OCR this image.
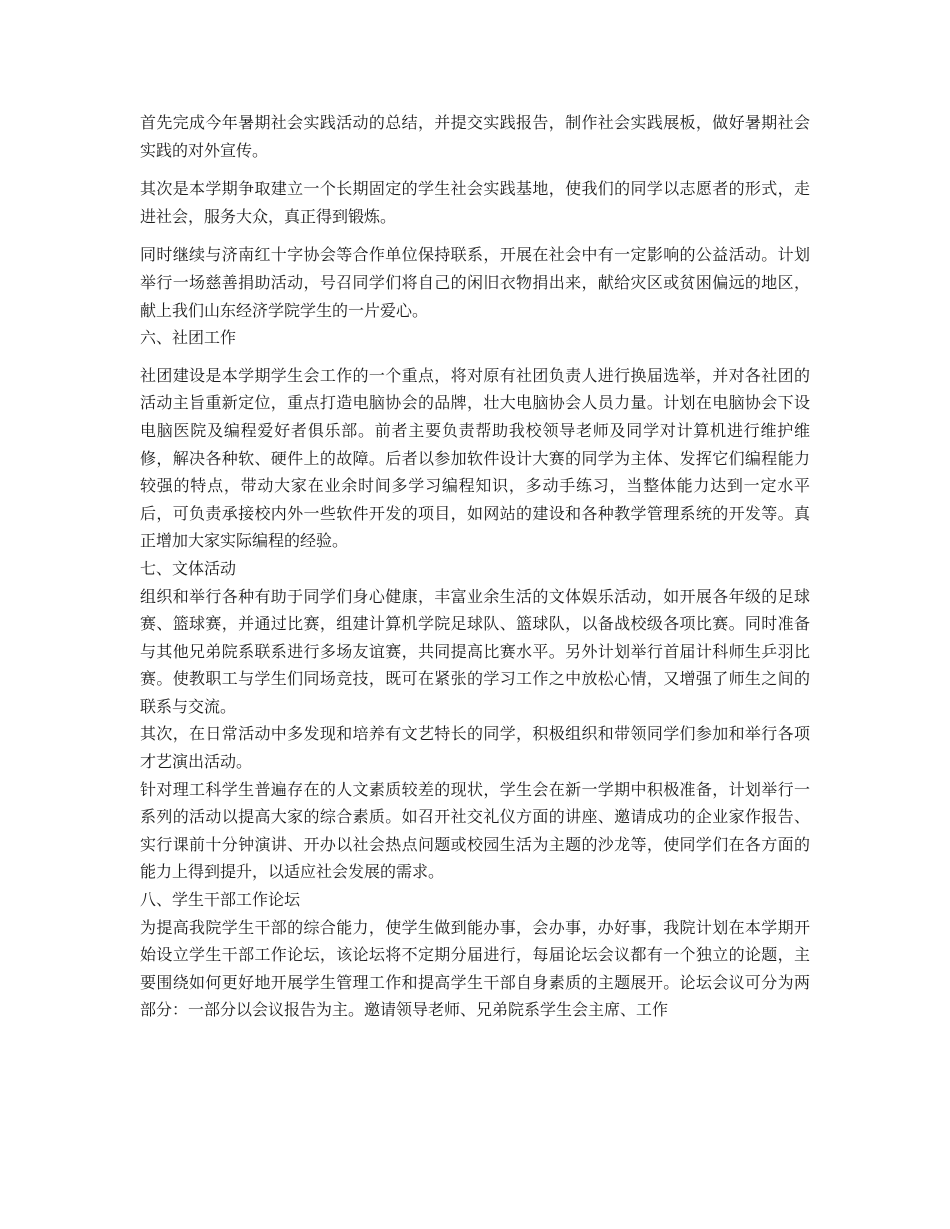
首先完成今年暑期社会实践活动的总结，并提交实践报告，制作社会实践展板，做好暑期社会实践的对外宣传。

其次是本学期争取建立一个长期固定的学生社会实践基地，使我们的同学以志愿者的形式，走进社会，服务大众，真正得到锻炼。

同时继续与济南红十字协会等合作单位保持联系，开展在社会中有一定影响的公益活动。计划举行一场慈善捐助活动，号召同学们将自己的闲旧衣物捐出来，献给灾区或贫困偏远的地区，献上我们山东经济学院学生的一片爱心。

六、社团工作

社团建设是本学期学生会工作的一个重点，将对原有社团负责人进行换届选举，并对各社团的活动主旨重新定位，重点打造电脑协会的品牌，壮大电脑协会人员力量。计划在电脑协会下设电脑医院及编程爱好者俱乐部。前者主要负责帮助我校领导老师及同学对计算机进行维护维修，解决各种软、硬件上的故障。后者以参加软件设计大赛的同学为主体、发挥它们编程能力较强的特点，带动大家在业余时间多学习编程知识，多动手练习，当整体能力达到一定水平后，可负责承接校内外一些软件开发的项目，如网站的建设和各种教学管理系统的开发等。真正增加大家实际编程的经验。

七、文体活动

组织和举行各种有助于同学们身心健康，丰富业余生活的文体娱乐活动，如开展各年级的足球赛、篮球赛，并通过比赛，组建计算机学院足球队、篮球队，以备战校级各项比赛。同时准备与其他兄弟院系联系进行多场友谊赛，共同提高比赛水平。另外计划举行首届计科师生乒羽比赛。使教职工与学生们同场竞技，既可在紧张的学习工作之中放松心情，又增强了师生之间的联系与交流。

其次，在日常活动中多发现和培养有文艺特长的同学，积极组织和带领同学们参加和举行各项才艺演出活动。

针对理工科学生普遍存在的人文素质较差的现状，学生会在新一学期中积极准备，计划举行一系列的活动以提高大家的综合素质。如召开社交礼仪方面的讲座、邀请成功的企业家作报告、实行课前十分钟演讲、开办以社会热点问题或校园生活为主题的沙龙等，使同学们在各方面的能力上得到提升，以适应社会发展的需求。

八、学生干部工作论坛

为提高我院学生干部的综合能力，使学生做到能办事，会办事，办好事，我院计划在本学期开始设立学生干部工作论坛，该论坛将不定期分届进行，每届论坛会议都有一个独立的论题，主要围绕如何更好地开展学生管理工作和提高学生干部自身素质的主题展开。论坛会议可分为两部分：一部分以会议报告为主。邀请领导老师、兄弟院系学生会主席、工作
